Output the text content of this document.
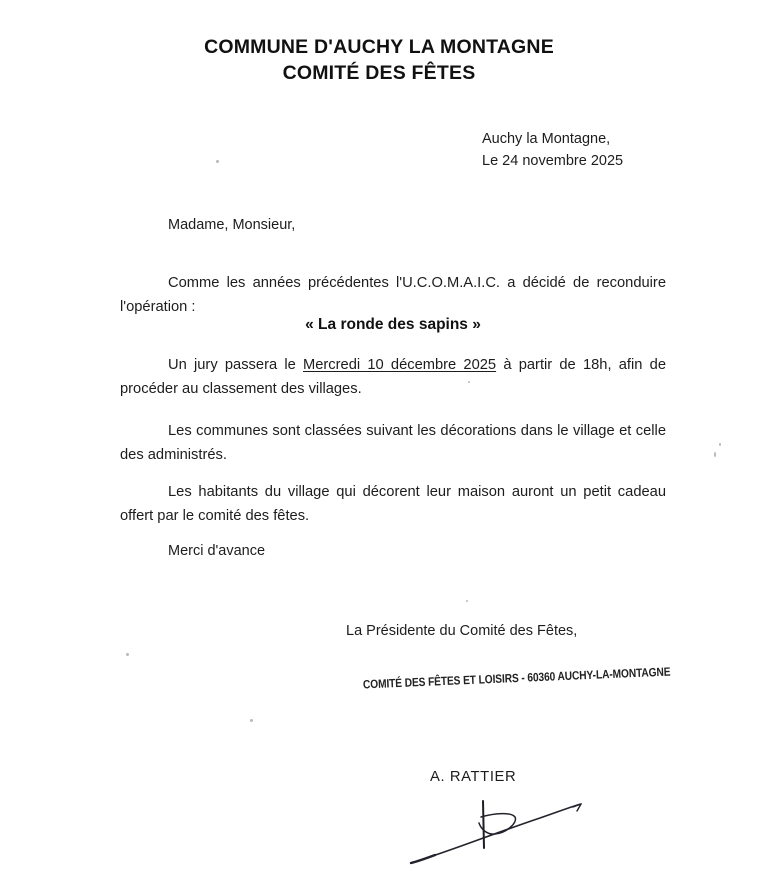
COMMUNE D'AUCHY LA MONTAGNE
COMITÉ DES FÊTES
Auchy la Montagne,
Le 24 novembre 2025
Madame, Monsieur,
Comme les années précédentes l'U.C.O.M.A.I.C. a décidé de reconduire l'opération :
« La ronde des sapins »
Un jury passera le Mercredi 10 décembre 2025 à partir de 18h, afin de procéder au classement des villages.
Les communes sont classées suivant les décorations dans le village et celle des administrés.
Les habitants du village qui décorent leur maison auront un petit cadeau offert par le comité des fêtes.
Merci d'avance
La Présidente du Comité des Fêtes,
COMITÉ DES FÊTES ET LOISIRS - 60360 AUCHY-LA-MONTAGNE
A. RATTIER
